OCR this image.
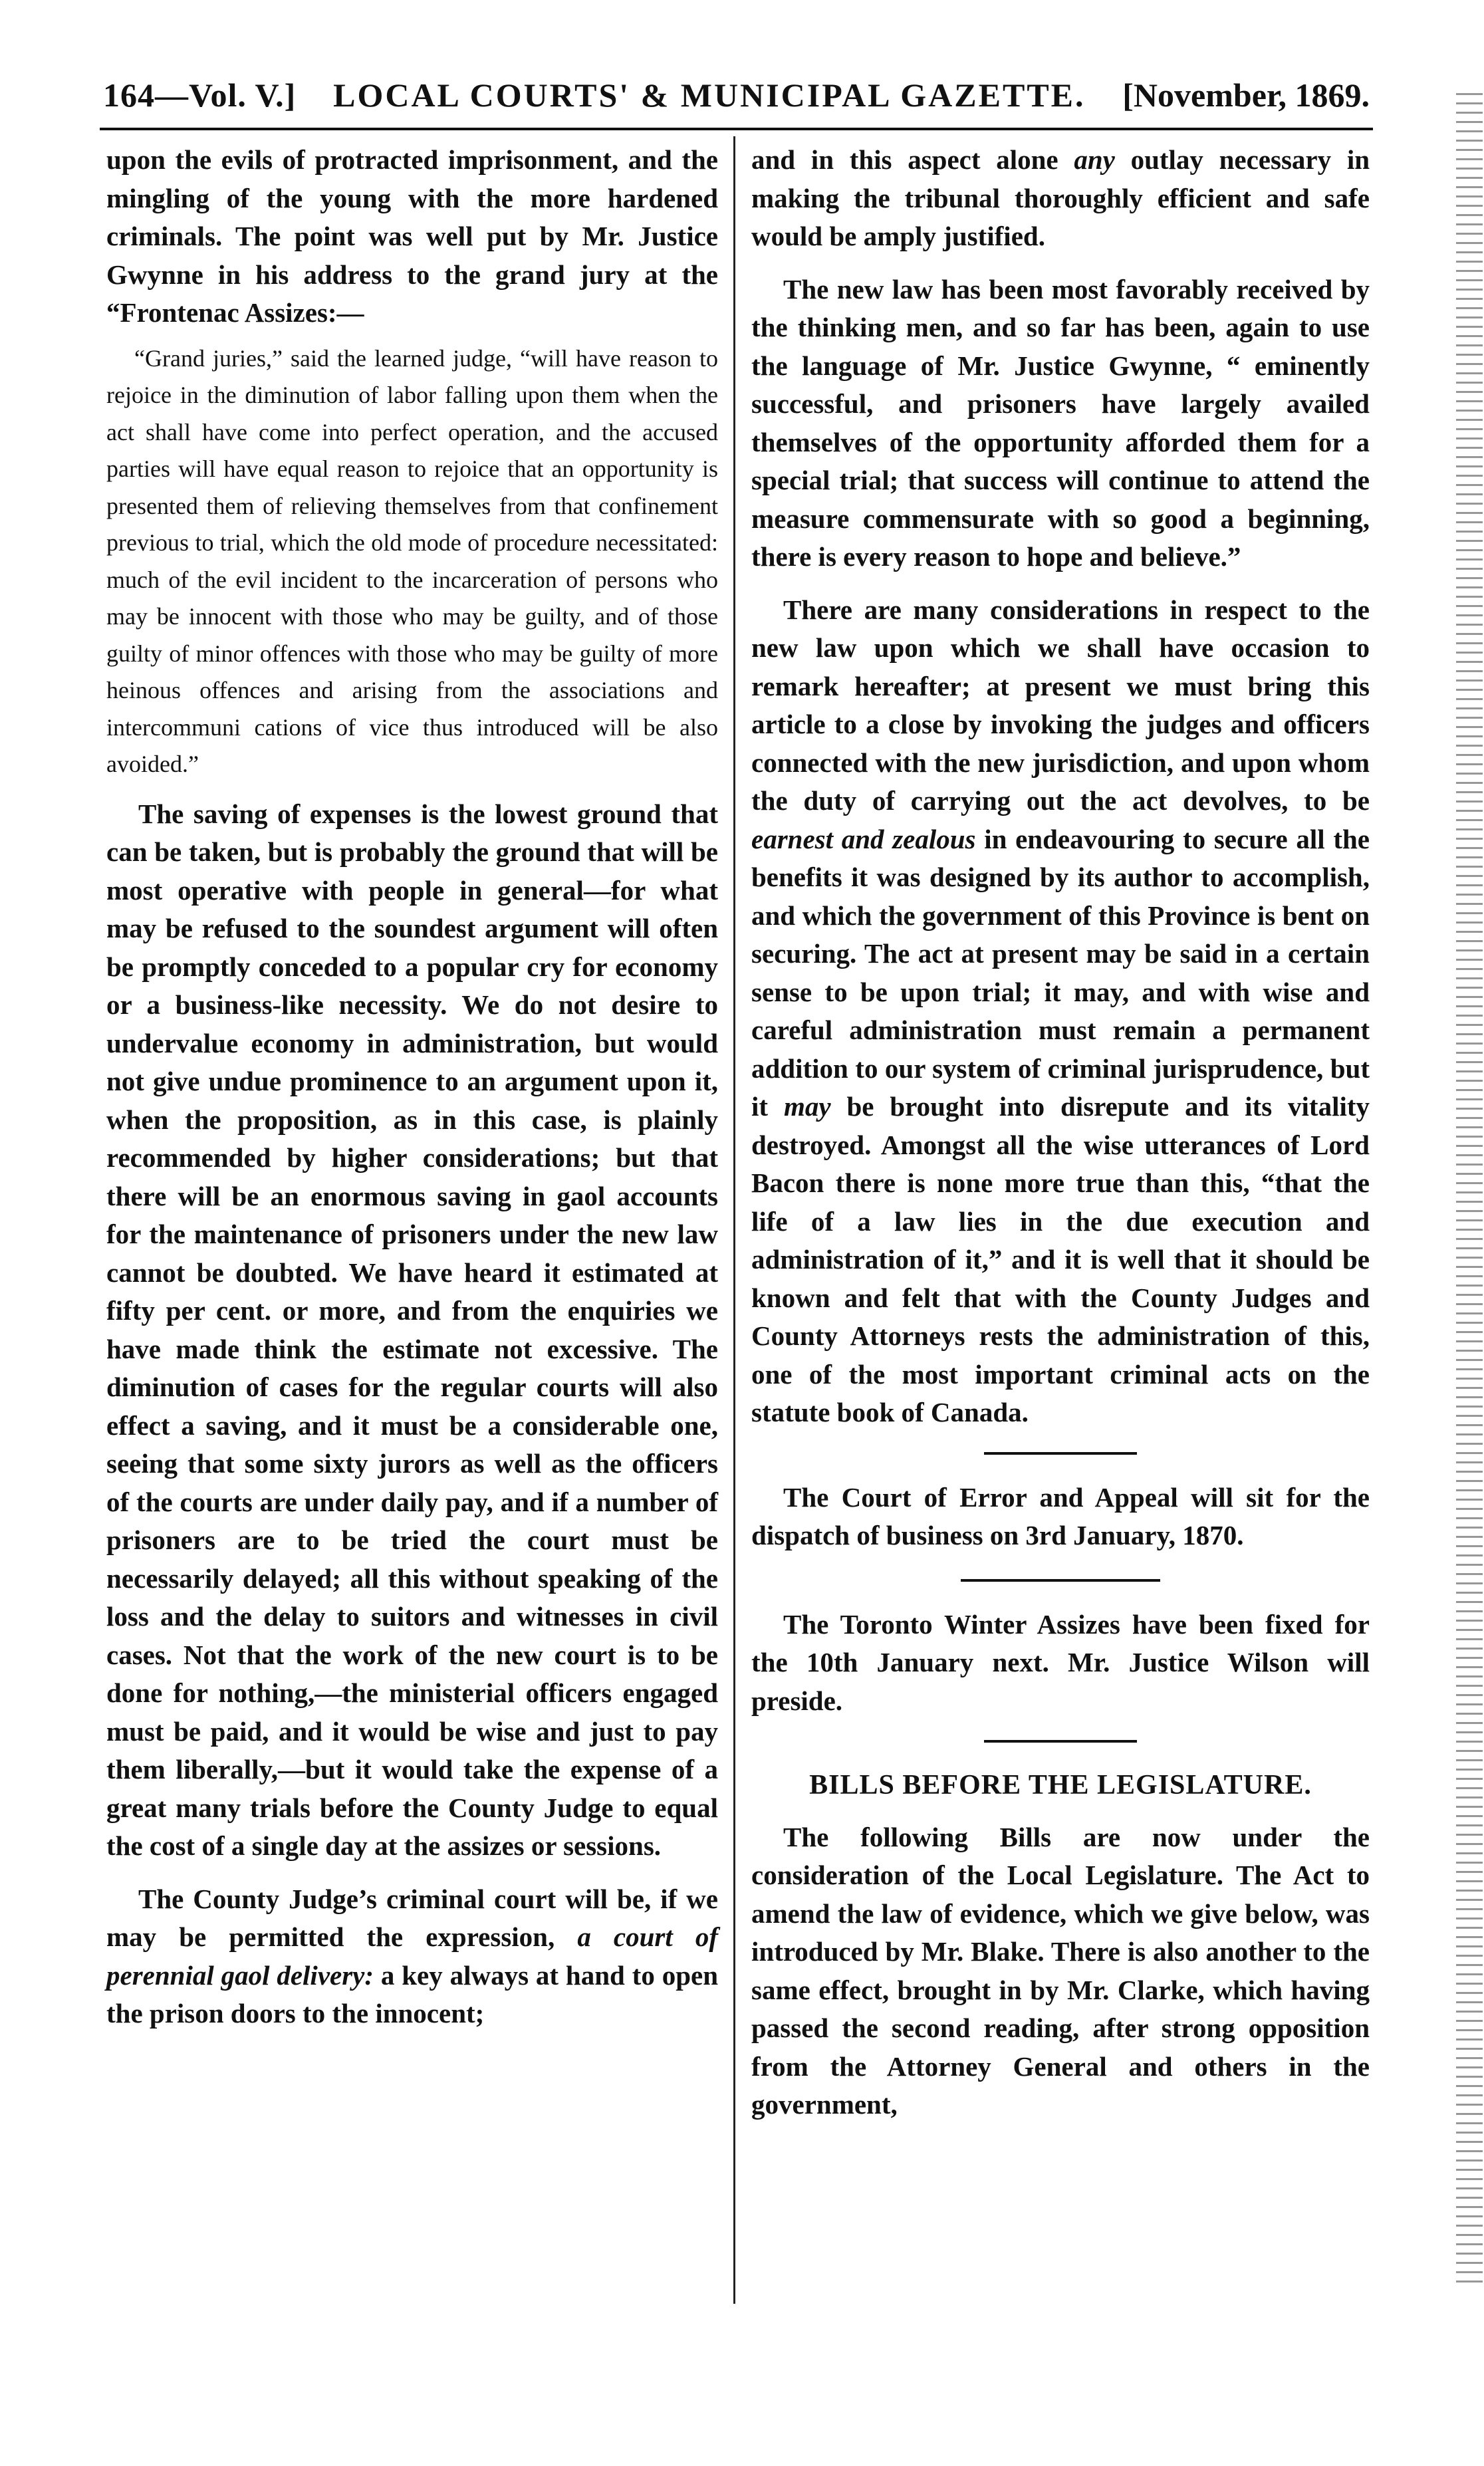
164—Vol. V.] LOCAL COURTS' & MUNICIPAL GAZETTE. [November, 1869.

upon the evils of protracted imprisonment, and the mingling of the young with the more hardened criminals. The point was well put by Mr. Justice Gwynne in his address to the grand jury at the “Frontenac Assizes:—

“Grand juries,” said the learned judge, “will have reason to rejoice in the diminution of labor falling upon them when the act shall have come into perfect operation, and the accused parties will have equal reason to rejoice that an opportunity is presented them of relieving themselves from that confinement previous to trial, which the old mode of procedure necessitated: much of the evil incident to the incarceration of persons who may be innocent with those who may be guilty, and of those guilty of minor offences with those who may be guilty of more heinous offences and arising from the associations and intercommuni cations of vice thus introduced will be also avoided.”

The saving of expenses is the lowest ground that can be taken, but is probably the ground that will be most operative with people in general—for what may be refused to the soundest argument will often be promptly conceded to a popular cry for economy or a business-like necessity. We do not desire to undervalue economy in administration, but would not give undue prominence to an argument upon it, when the proposition, as in this case, is plainly recommended by higher considerations; but that there will be an enormous saving in gaol accounts for the maintenance of prisoners under the new law cannot be doubted. We have heard it estimated at fifty per cent. or more, and from the enquiries we have made think the estimate not excessive. The diminution of cases for the regular courts will also effect a saving, and it must be a considerable one, seeing that some sixty jurors as well as the officers of the courts are under daily pay, and if a number of prisoners are to be tried the court must be necessarily delayed; all this without speaking of the loss and the delay to suitors and witnesses in civil cases. Not that the work of the new court is to be done for nothing,—the ministerial officers engaged must be paid, and it would be wise and just to pay them liberally,—but it would take the expense of a great many trials before the County Judge to equal the cost of a single day at the assizes or sessions.

The County Judge’s criminal court will be, if we may be permitted the expression, a court of perennial gaol delivery: a key always at hand to open the prison doors to the innocent;

and in this aspect alone any outlay necessary in making the tribunal thoroughly efficient and safe would be amply justified.

The new law has been most favorably received by the thinking men, and so far has been, again to use the language of Mr. Justice Gwynne, “ eminently successful, and prisoners have largely availed themselves of the opportunity afforded them for a special trial; that success will continue to attend the measure commensurate with so good a beginning, there is every reason to hope and believe.”

There are many considerations in respect to the new law upon which we shall have occasion to remark hereafter; at present we must bring this article to a close by invoking the judges and officers connected with the new jurisdiction, and upon whom the duty of carrying out the act devolves, to be earnest and zealous in endeavouring to secure all the benefits it was designed by its author to accomplish, and which the government of this Province is bent on securing. The act at present may be said in a certain sense to be upon trial; it may, and with wise and careful administration must remain a permanent addition to our system of criminal jurisprudence, but it may be brought into disrepute and its vitality destroyed. Amongst all the wise utterances of Lord Bacon there is none more true than this, “that the life of a law lies in the due execution and administration of it,” and it is well that it should be known and felt that with the County Judges and County Attorneys rests the administration of this, one of the most important criminal acts on the statute book of Canada.

The Court of Error and Appeal will sit for the dispatch of business on 3rd January, 1870.

The Toronto Winter Assizes have been fixed for the 10th January next. Mr. Justice Wilson will preside.

BILLS BEFORE THE LEGISLATURE.

The following Bills are now under the consideration of the Local Legislature. The Act to amend the law of evidence, which we give below, was introduced by Mr. Blake. There is also another to the same effect, brought in by Mr. Clarke, which having passed the second reading, after strong opposition from the Attorney General and others in the government,
